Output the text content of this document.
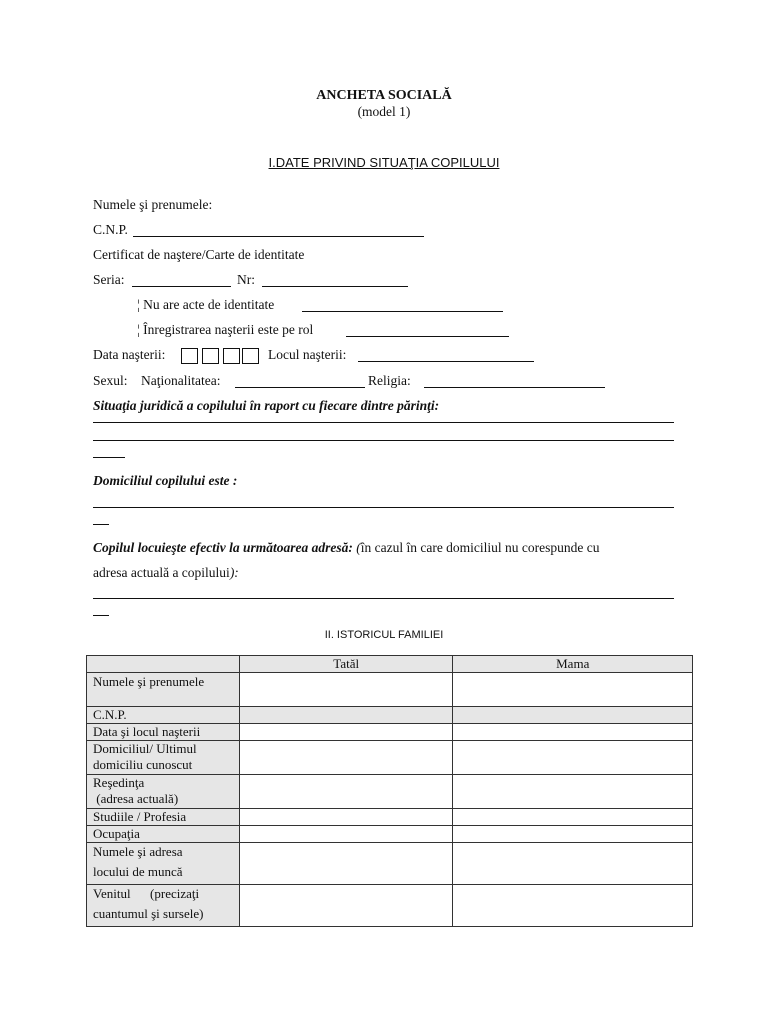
ANCHETA SOCIALĂ
(model 1)
I.DATE PRIVIND SITUAŢIA COPILULUI
Numele şi prenumele:
C.N.P.
Certificat de naştere/Carte de identitate
Seria:	Nr:
¦ Nu are acte de identitate
¦ Înregistrarea naşterii este pe rol
Data naşterii:	Locul naşterii:
Sexul: Naţionalitatea:	Religia:
Situaţia juridică a copilului în raport cu fiecare dintre părinţi:
Domiciliul copilului este :
Copilul locuieşte efectiv la următoarea adresă: (în cazul în care domiciliul nu corespunde cu
adresa actuală a copilului):
II. ISTORICUL FAMILIEI
	Tatăl	Mama

Numele şi prenumele		

C.N.P.		

Data şi locul naşterii		

Domiciliul/ Ultimul
domiciliu cunoscut		

Reşedinţa
(adresa actuală)		

Studiile / Profesia		

Ocupaţia		

Numele şi adresa
locului de muncă		

Venitul      (precizaţi
cuantumul şi sursele)		
